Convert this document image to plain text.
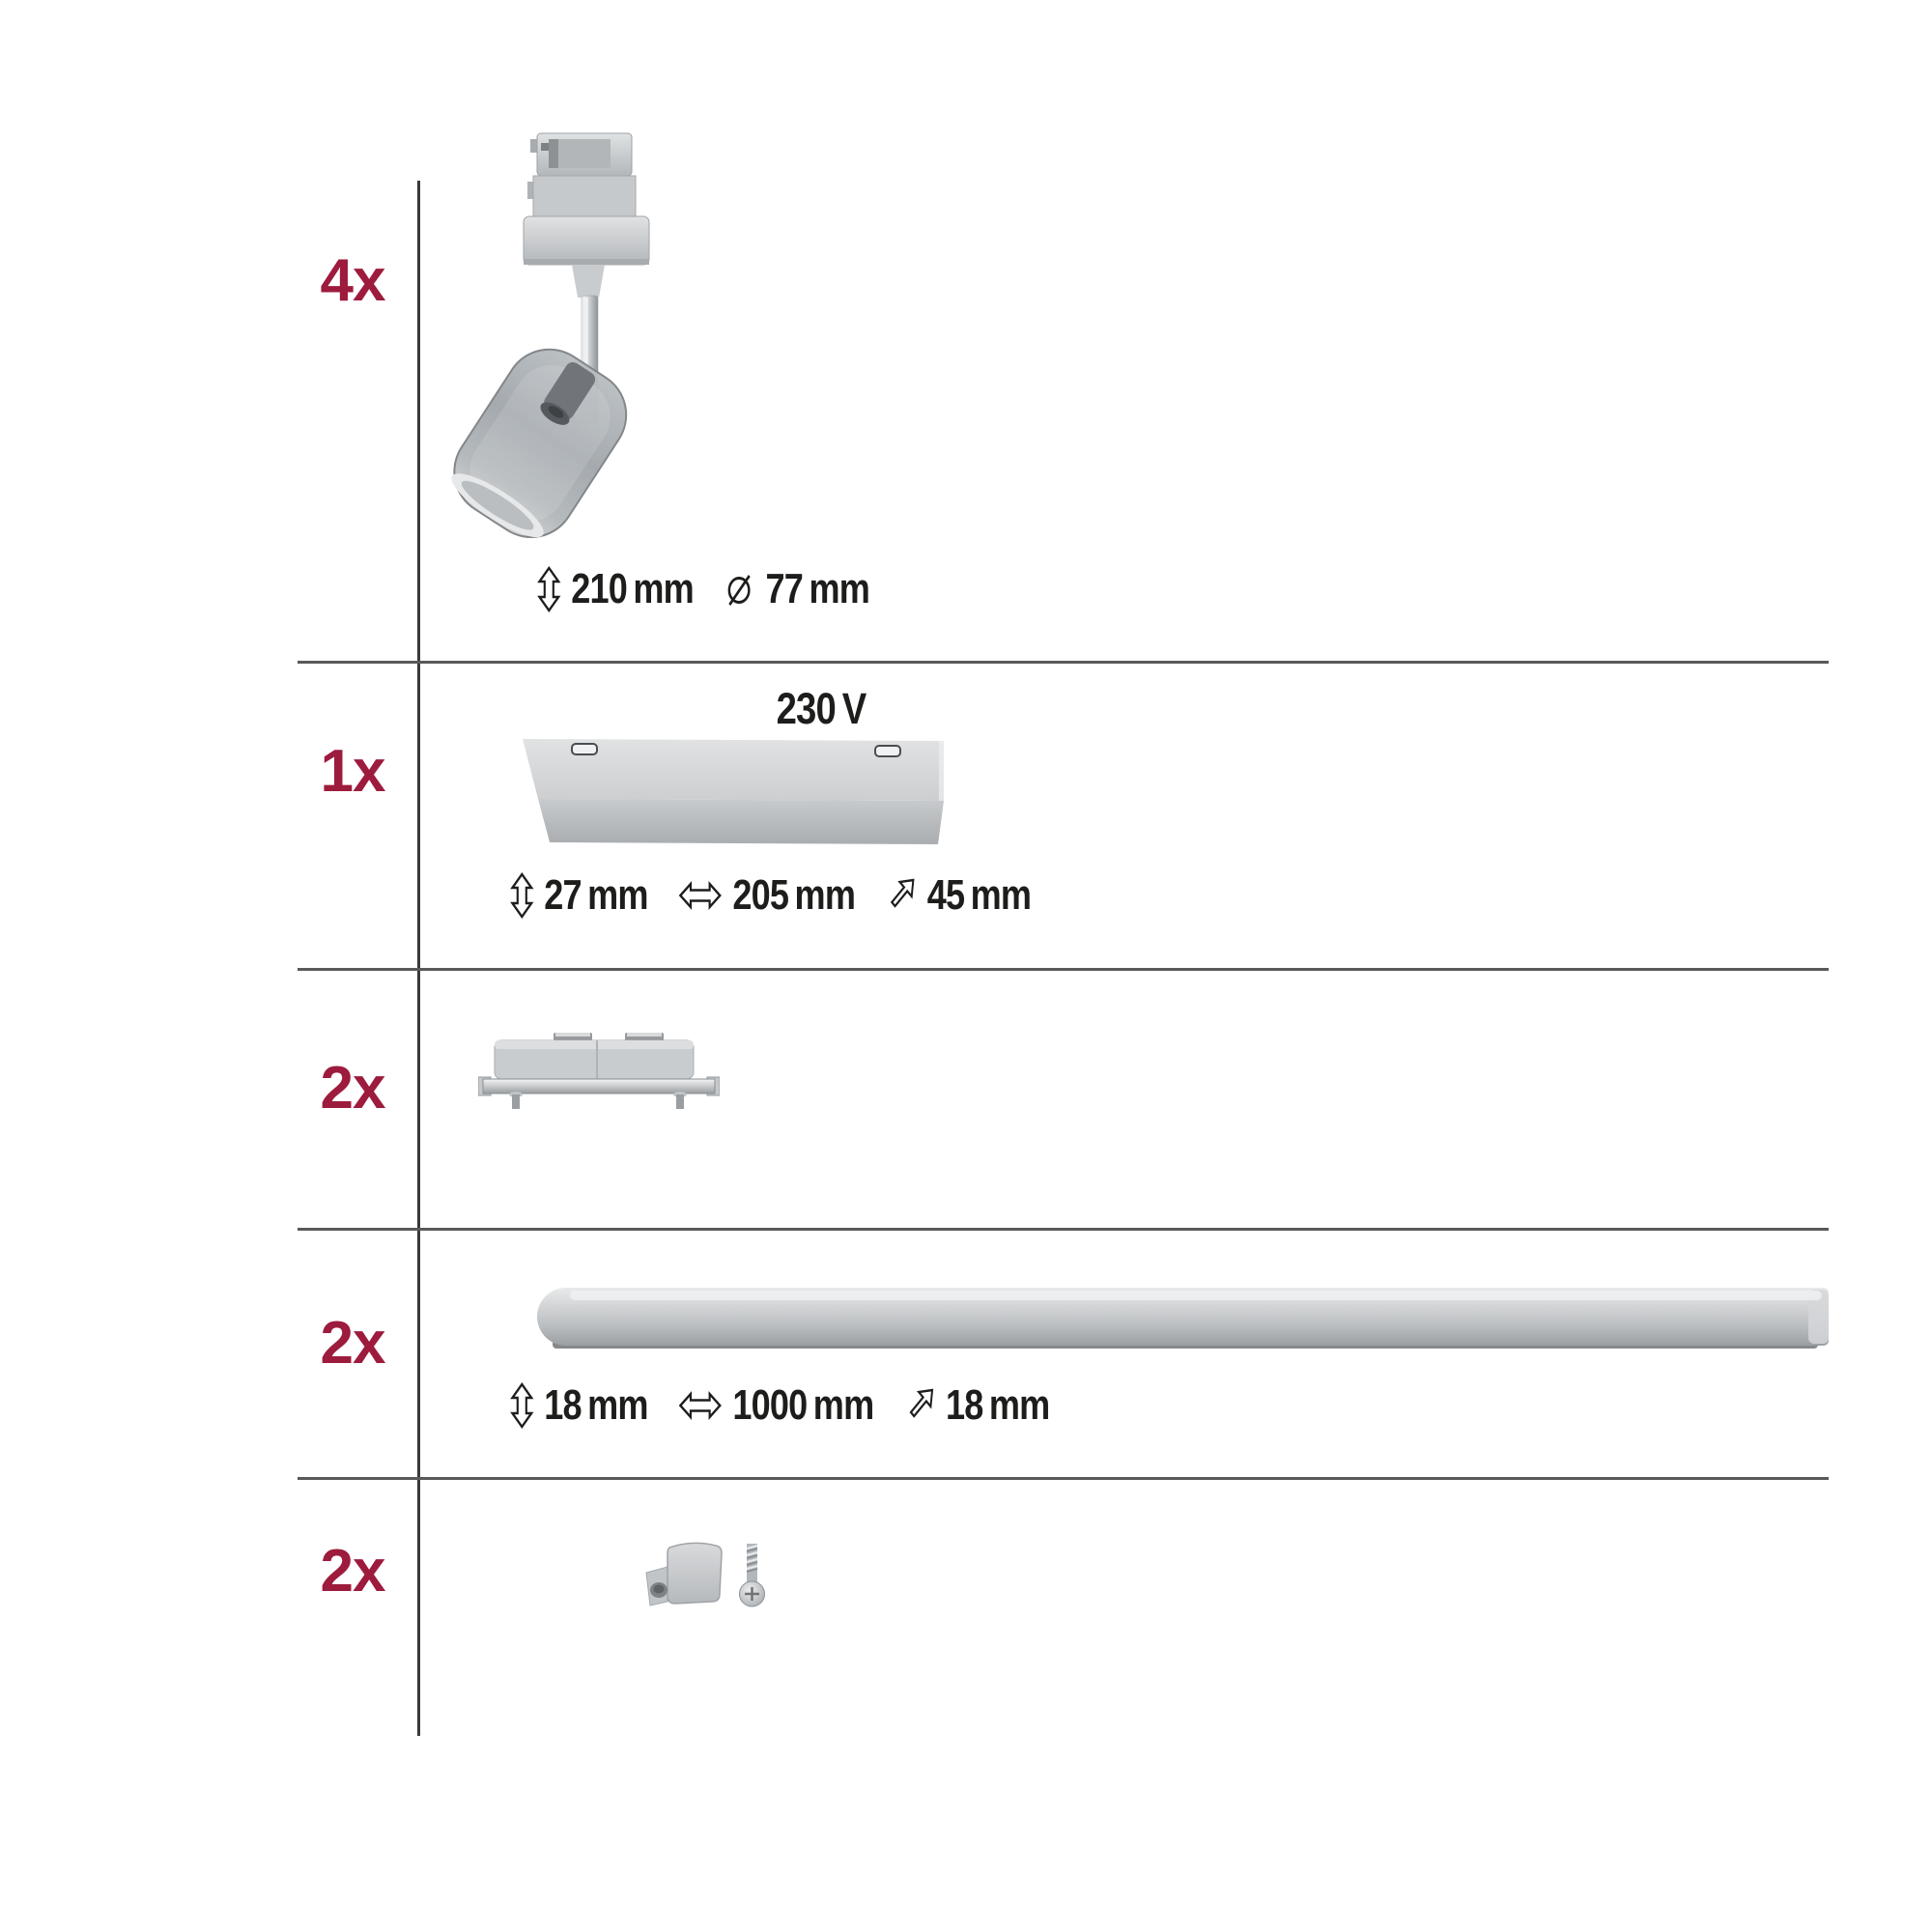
4x
1x
2x
2x
2x
210 mm 77 mm
230 V
27 mm 205 mm 45 mm
18 mm 1000 mm 18 mm
